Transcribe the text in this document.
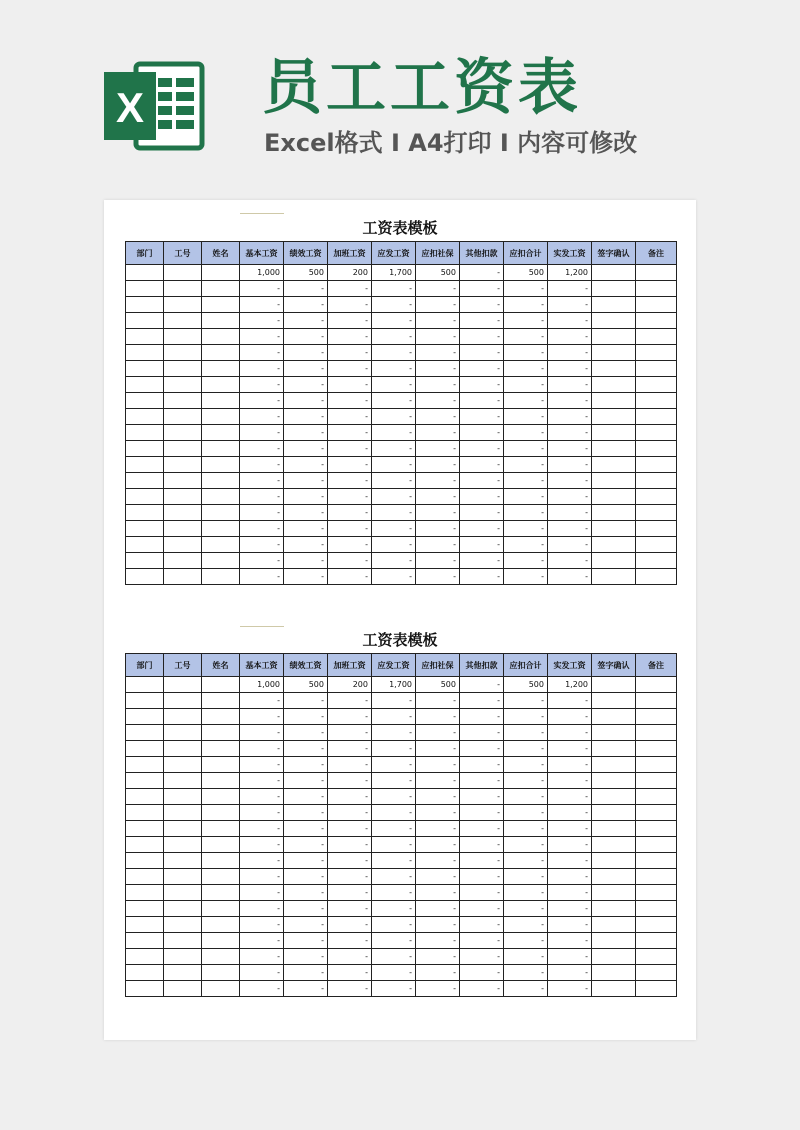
X 员工工资表
Excel格式 I A4打印 I 内容可修改
工资表模板
部门	工号	姓名	基本工资	绩效工资	加班工资	应发工资	应扣社保	其他扣款	应扣合计	实发工资	签字确认	备注
			1,000	500	200	1,700	500	-	500	1,200		
			-	-	-	-	-	-	-	-		
			-	-	-	-	-	-	-	-		
			-	-	-	-	-	-	-	-		
			-	-	-	-	-	-	-	-		
			-	-	-	-	-	-	-	-		
			-	-	-	-	-	-	-	-		
			-	-	-	-	-	-	-	-		
			-	-	-	-	-	-	-	-		
			-	-	-	-	-	-	-	-		
			-	-	-	-	-	-	-	-		
			-	-	-	-	-	-	-	-		
			-	-	-	-	-	-	-	-		
			-	-	-	-	-	-	-	-		
			-	-	-	-	-	-	-	-		
			-	-	-	-	-	-	-	-		
			-	-	-	-	-	-	-	-		
			-	-	-	-	-	-	-	-		
			-	-	-	-	-	-	-	-		
			-	-	-	-	-	-	-	-		
工资表模板
部门	工号	姓名	基本工资	绩效工资	加班工资	应发工资	应扣社保	其他扣款	应扣合计	实发工资	签字确认	备注
			1,000	500	200	1,700	500	-	500	1,200		
			-	-	-	-	-	-	-	-		
			-	-	-	-	-	-	-	-		
			-	-	-	-	-	-	-	-		
			-	-	-	-	-	-	-	-		
			-	-	-	-	-	-	-	-		
			-	-	-	-	-	-	-	-		
			-	-	-	-	-	-	-	-		
			-	-	-	-	-	-	-	-		
			-	-	-	-	-	-	-	-		
			-	-	-	-	-	-	-	-		
			-	-	-	-	-	-	-	-		
			-	-	-	-	-	-	-	-		
			-	-	-	-	-	-	-	-		
			-	-	-	-	-	-	-	-		
			-	-	-	-	-	-	-	-		
			-	-	-	-	-	-	-	-		
			-	-	-	-	-	-	-	-		
			-	-	-	-	-	-	-	-		
			-	-	-	-	-	-	-	-		
